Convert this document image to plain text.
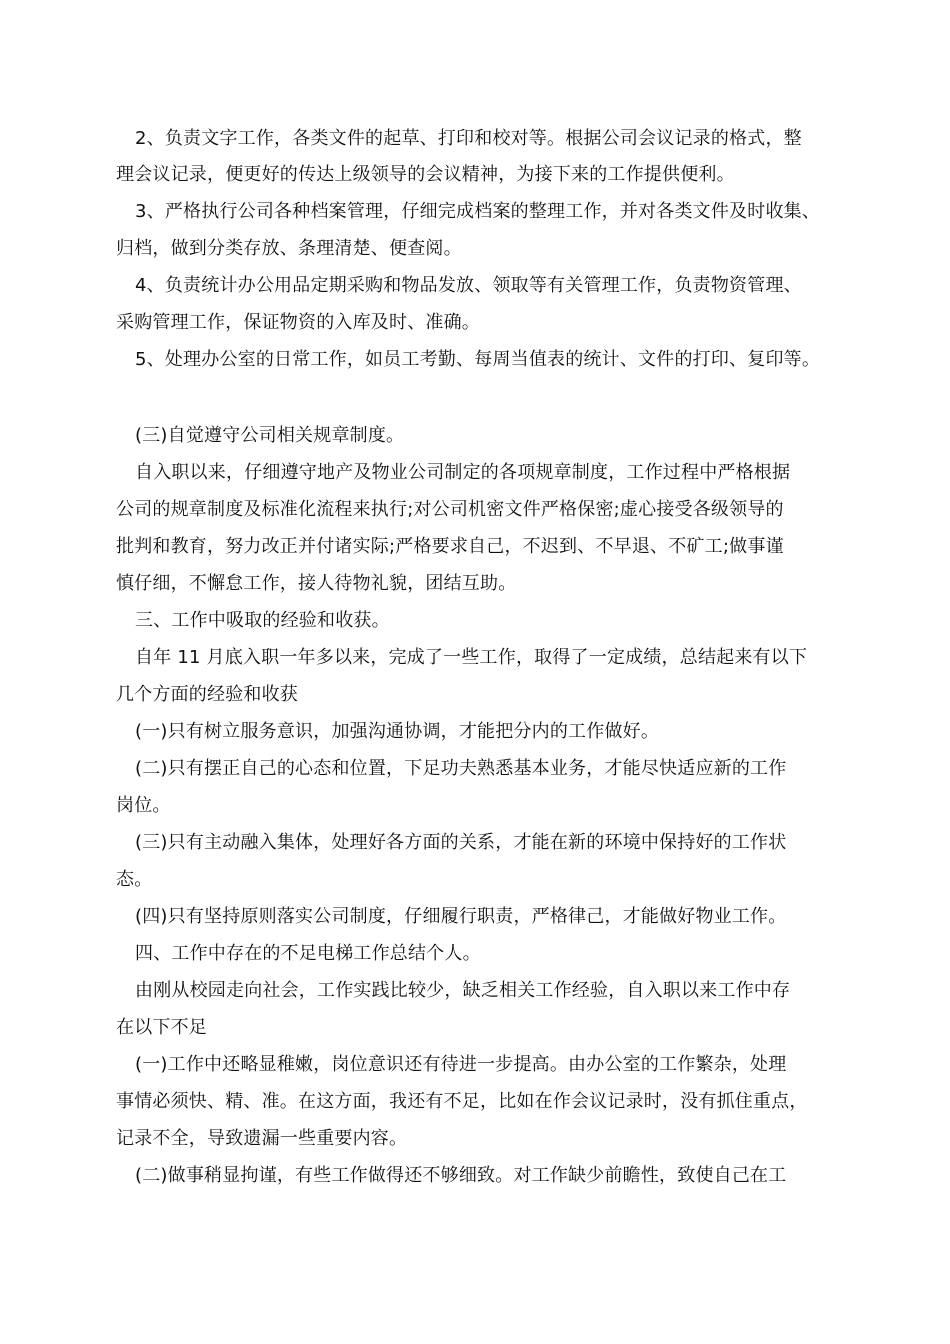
2、负责文字工作，各类文件的起草、打印和校对等。根据公司会议记录的格式，整
理会议记录，便更好的传达上级领导的会议精神，为接下来的工作提供便利。
3、严格执行公司各种档案管理，仔细完成档案的整理工作，并对各类文件及时收集、
归档，做到分类存放、条理清楚、便查阅。
4、负责统计办公用品定期采购和物品发放、领取等有关管理工作，负责物资管理、
采购管理工作，保证物资的入库及时、准确。
5、处理办公室的日常工作，如员工考勤、每周当值表的统计、文件的打印、复印等。
(三)自觉遵守公司相关规章制度。
自入职以来，仔细遵守地产及物业公司制定的各项规章制度，工作过程中严格根据
公司的规章制度及标准化流程来执行;对公司机密文件严格保密;虚心接受各级领导的
批判和教育，努力改正并付诸实际;严格要求自己，不迟到、不早退、不矿工;做事谨
慎仔细，不懈怠工作，接人待物礼貌，团结互助。
三、工作中吸取的经验和收获。
自年 11 月底入职一年多以来，完成了一些工作，取得了一定成绩，总结起来有以下
几个方面的经验和收获
(一)只有树立服务意识，加强沟通协调，才能把分内的工作做好。
(二)只有摆正自己的心态和位置，下足功夫熟悉基本业务，才能尽快适应新的工作
岗位。
(三)只有主动融入集体，处理好各方面的关系，才能在新的环境中保持好的工作状
态。
(四)只有坚持原则落实公司制度，仔细履行职责，严格律己，才能做好物业工作。
四、工作中存在的不足电梯工作总结个人。
由刚从校园走向社会，工作实践比较少，缺乏相关工作经验，自入职以来工作中存
在以下不足
(一)工作中还略显稚嫩，岗位意识还有待进一步提高。由办公室的工作繁杂，处理
事情必须快、精、准。在这方面，我还有不足，比如在作会议记录时，没有抓住重点，
记录不全，导致遗漏一些重要内容。
(二)做事稍显拘谨，有些工作做得还不够细致。对工作缺少前瞻性，致使自己在工
